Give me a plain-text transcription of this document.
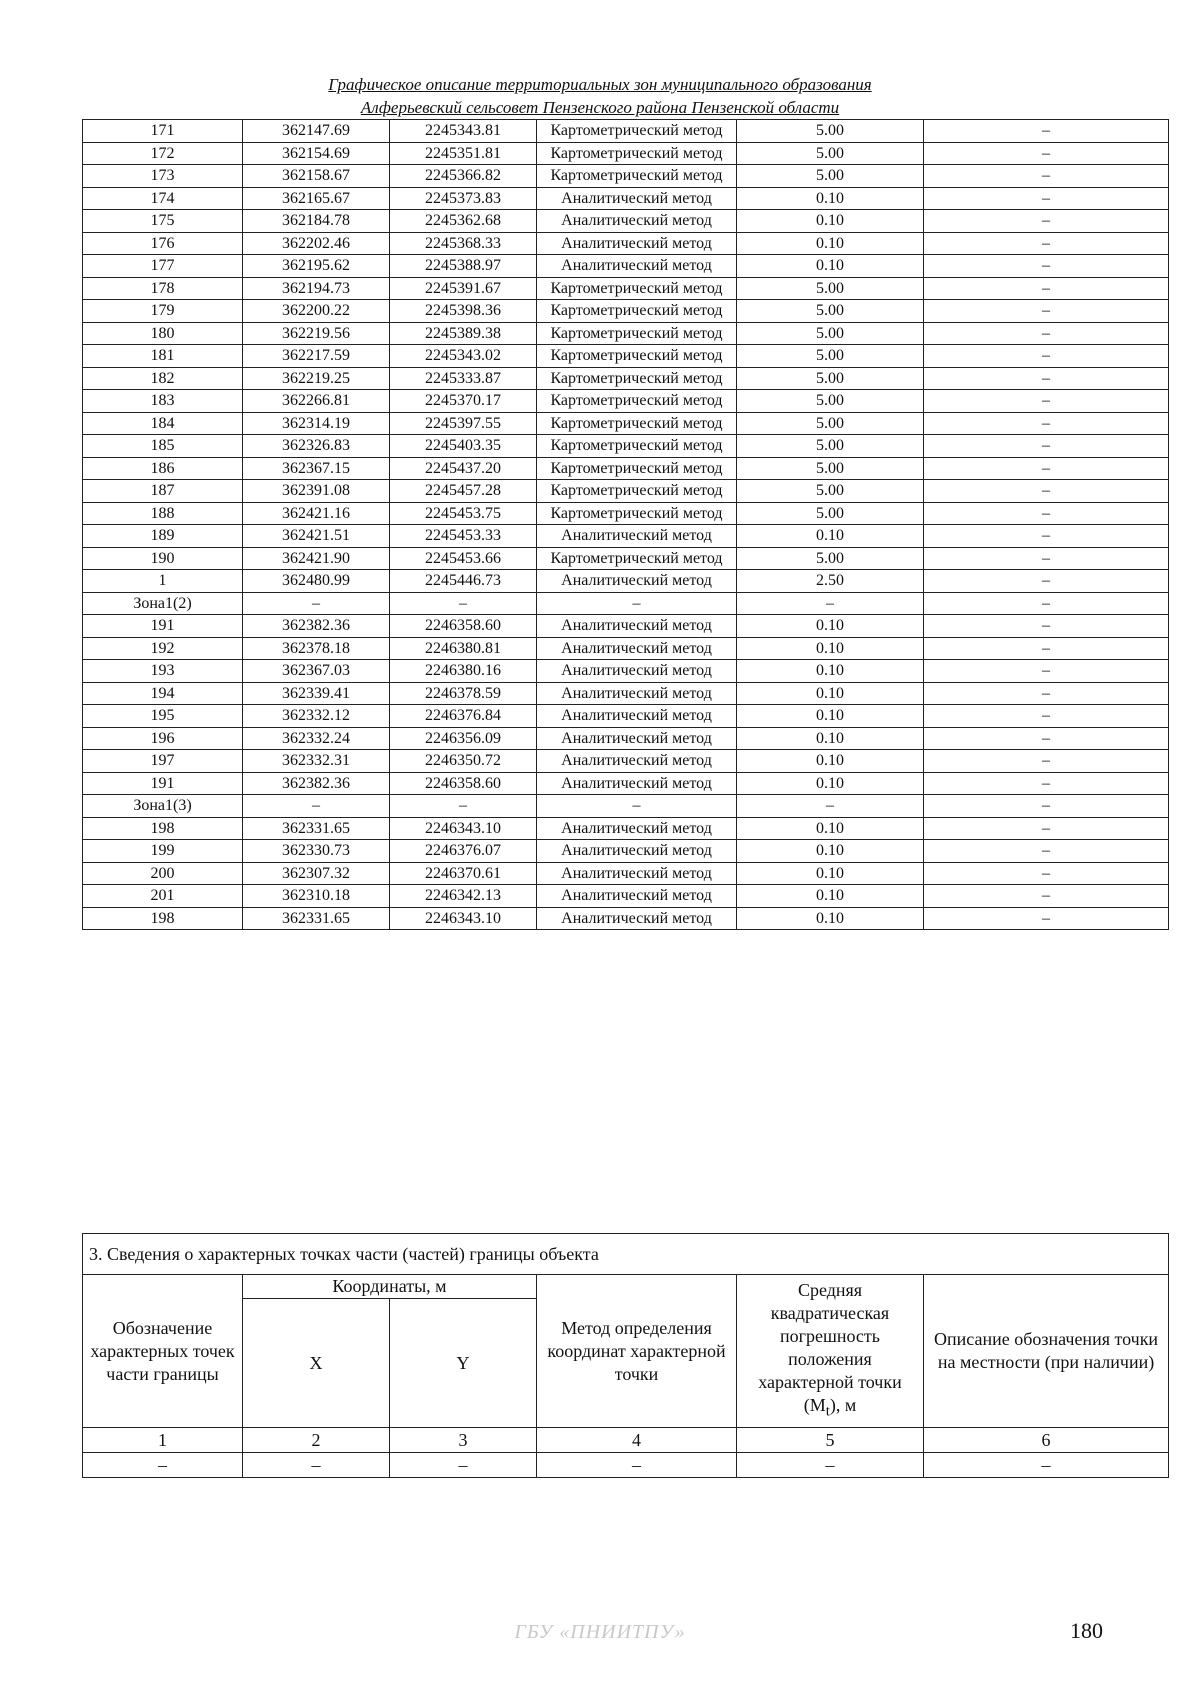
Графическое описание территориальных зон муниципального образования
Алферьевский сельсовет Пензенского района Пензенской области
171	362147.69	2245343.81	Картометрический метод	5.00	–
172	362154.69	2245351.81	Картометрический метод	5.00	–
173	362158.67	2245366.82	Картометрический метод	5.00	–
174	362165.67	2245373.83	Аналитический метод	0.10	–
175	362184.78	2245362.68	Аналитический метод	0.10	–
176	362202.46	2245368.33	Аналитический метод	0.10	–
177	362195.62	2245388.97	Аналитический метод	0.10	–
178	362194.73	2245391.67	Картометрический метод	5.00	–
179	362200.22	2245398.36	Картометрический метод	5.00	–
180	362219.56	2245389.38	Картометрический метод	5.00	–
181	362217.59	2245343.02	Картометрический метод	5.00	–
182	362219.25	2245333.87	Картометрический метод	5.00	–
183	362266.81	2245370.17	Картометрический метод	5.00	–
184	362314.19	2245397.55	Картометрический метод	5.00	–
185	362326.83	2245403.35	Картометрический метод	5.00	–
186	362367.15	2245437.20	Картометрический метод	5.00	–
187	362391.08	2245457.28	Картометрический метод	5.00	–
188	362421.16	2245453.75	Картометрический метод	5.00	–
189	362421.51	2245453.33	Аналитический метод	0.10	–
190	362421.90	2245453.66	Картометрический метод	5.00	–
1	362480.99	2245446.73	Аналитический метод	2.50	–
Зона1(2)	–	–	–	–	–
191	362382.36	2246358.60	Аналитический метод	0.10	–
192	362378.18	2246380.81	Аналитический метод	0.10	–
193	362367.03	2246380.16	Аналитический метод	0.10	–
194	362339.41	2246378.59	Аналитический метод	0.10	–
195	362332.12	2246376.84	Аналитический метод	0.10	–
196	362332.24	2246356.09	Аналитический метод	0.10	–
197	362332.31	2246350.72	Аналитический метод	0.10	–
191	362382.36	2246358.60	Аналитический метод	0.10	–
Зона1(3)	–	–	–	–	–
198	362331.65	2246343.10	Аналитический метод	0.10	–
199	362330.73	2246376.07	Аналитический метод	0.10	–
200	362307.32	2246370.61	Аналитический метод	0.10	–
201	362310.18	2246342.13	Аналитический метод	0.10	–
198	362331.65	2246343.10	Аналитический метод	0.10	–
3. Сведения о характерных точках части (частей) границы объекта					
Обозначение характерных точек части границы	Координаты, м		Метод определения координат характерной точки	Средняя квадратическая погрешность положения характерной точки $(М_t)$, м	Описание обозначения точки на местности (при наличии)
	X	Y			
1	2	3	4	5	6
–	–	–	–	–	–
ГБУ «ПНИИТПУ»	180
